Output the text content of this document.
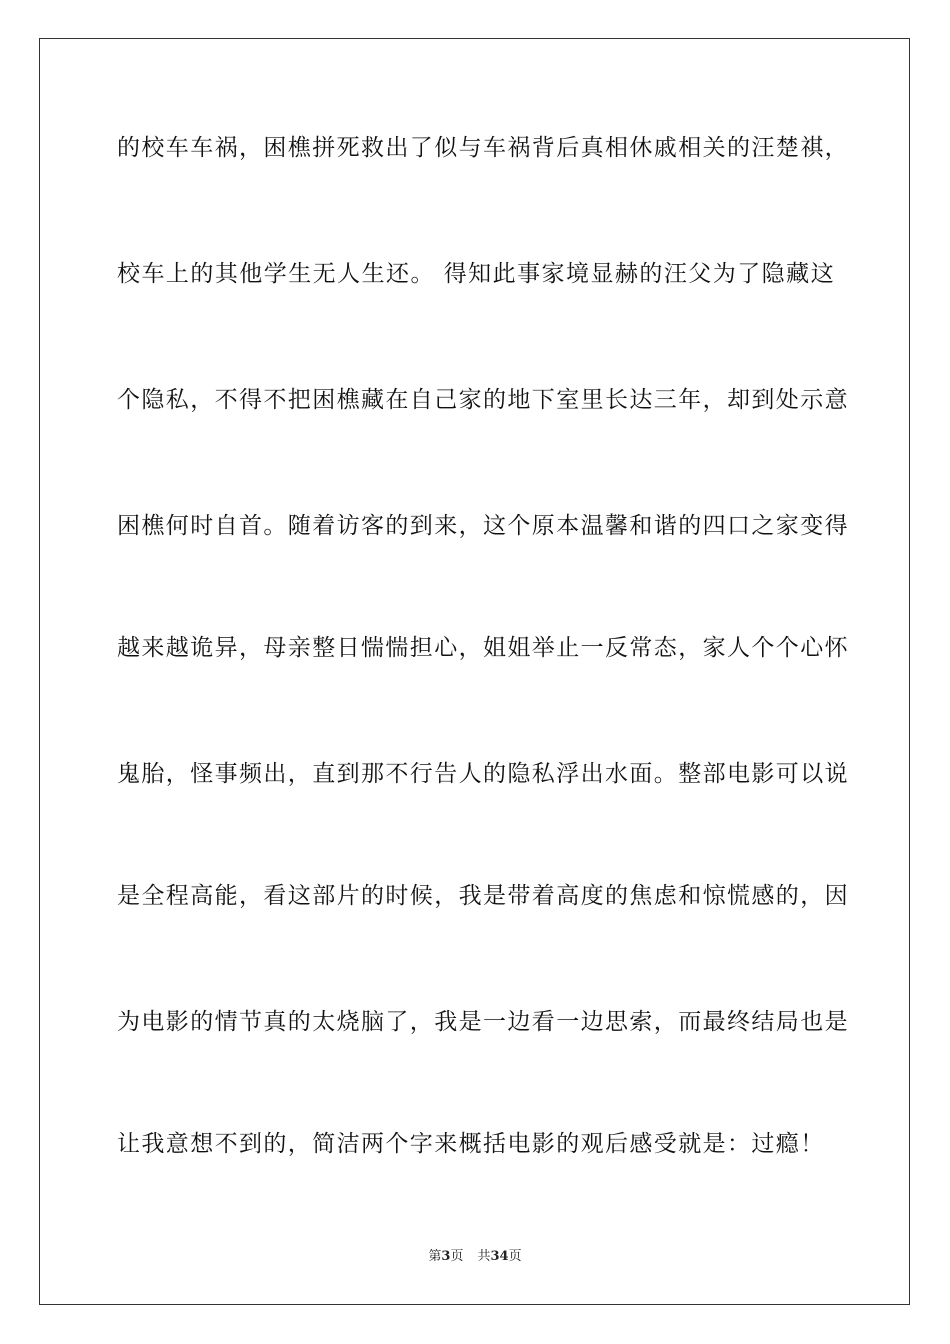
的校车车祸，困樵拼死救出了似与车祸背后真相休戚相关的汪楚祺，
校车上的其他学生无人生还。 得知此事家境显赫的汪父为了隐藏这
个隐私，不得不把困樵藏在自己家的地下室里长达三年，却到处示意
困樵何时自首。随着访客的到来，这个原本温馨和谐的四口之家变得
越来越诡异，母亲整日惴惴担心，姐姐举止一反常态，家人个个心怀
鬼胎，怪事频出，直到那不行告人的隐私浮出水面。整部电影可以说
是全程高能，看这部片的时候，我是带着高度的焦虑和惊慌感的，因
为电影的情节真的太烧脑了，我是一边看一边思索，而最终结局也是
让我意想不到的，简洁两个字来概括电影的观后感受就是：过瘾！
第3页 共34页
